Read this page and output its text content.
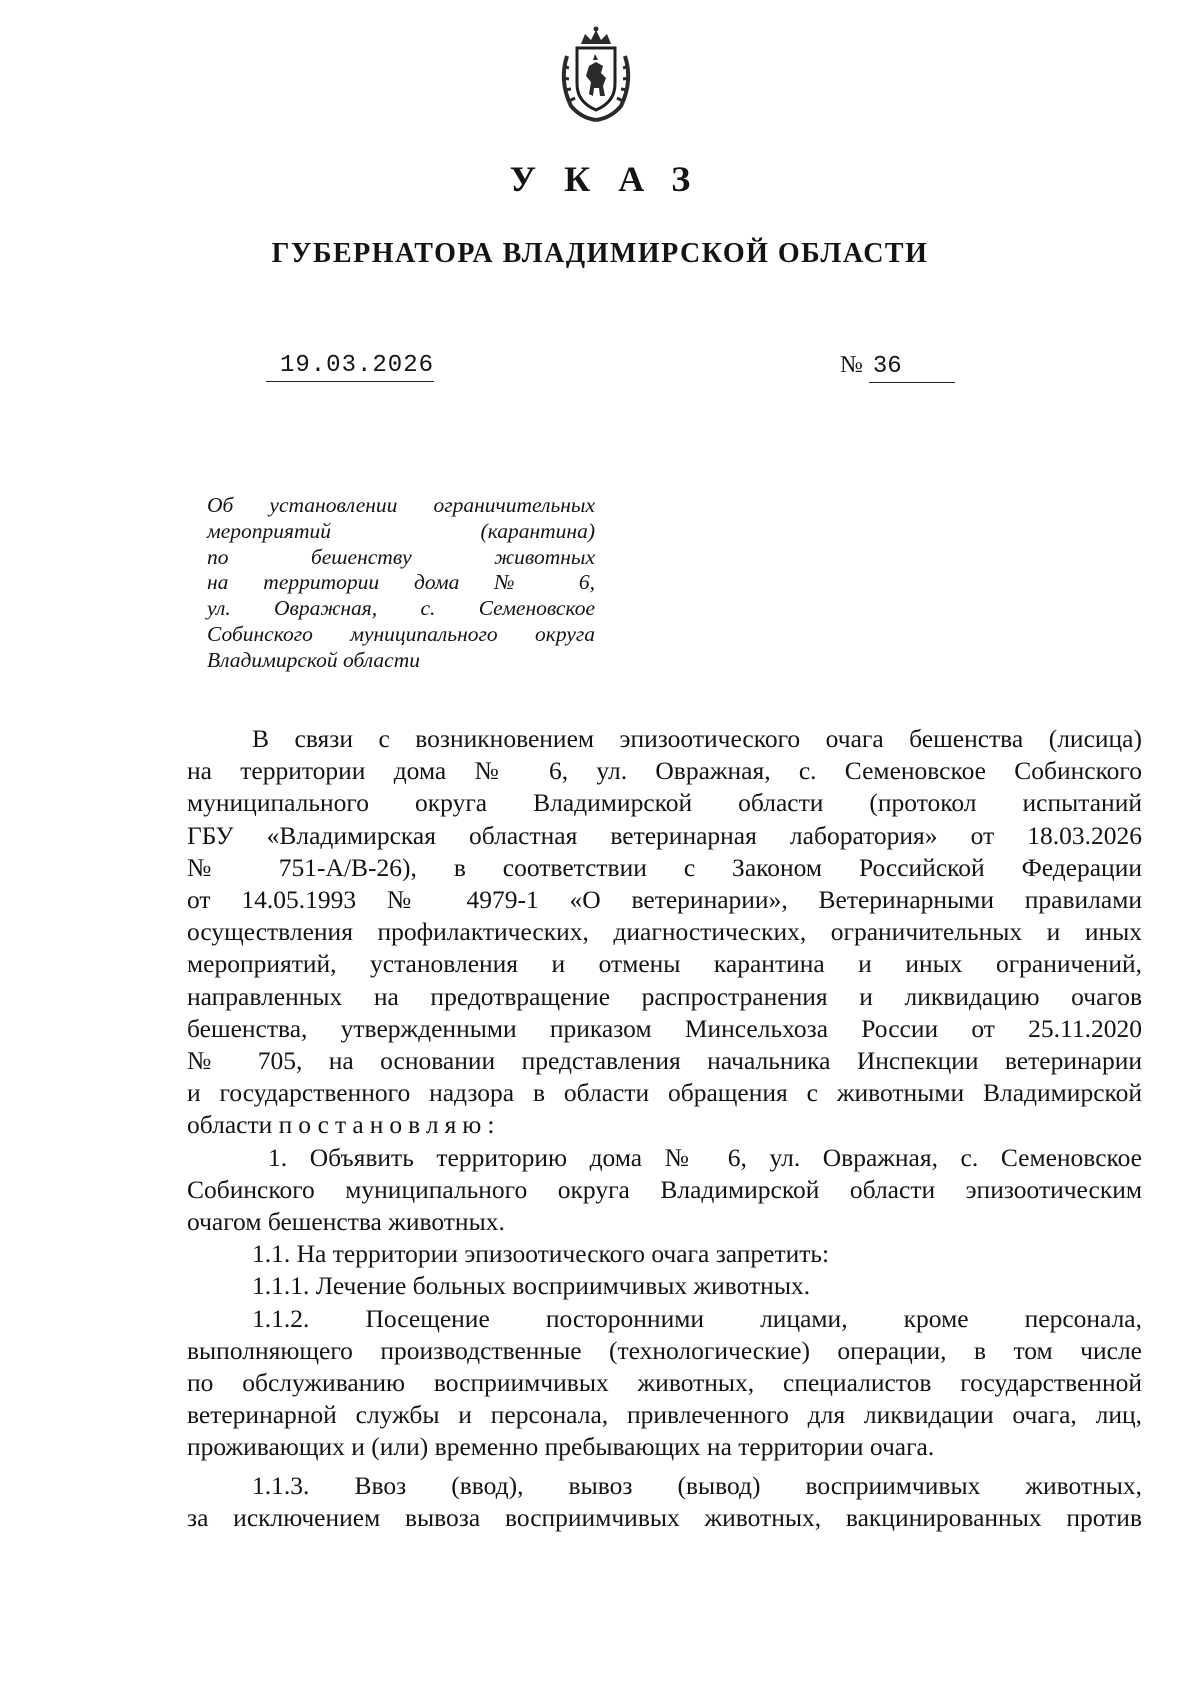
УКАЗ
ГУБЕРНАТОРА ВЛАДИМИРСКОЙ ОБЛАСТИ
19.03.2026	№ 36
Об установлении ограничительных
мероприятий (карантина)
по бешенству животных
на территории дома № 6,
ул. Овражная, с. Семеновское
Собинского муниципального округа
Владимирской области
В связи с возникновением эпизоотического очага бешенства (лисица)
на территории дома № 6, ул. Овражная, с. Семеновское Собинского
муниципального округа Владимирской области (протокол испытаний
ГБУ «Владимирская областная ветеринарная лаборатория» от 18.03.2026
№ 751-А/В-26), в соответствии с Законом Российской Федерации
от 14.05.1993 № 4979-1 «О ветеринарии», Ветеринарными правилами
осуществления профилактических, диагностических, ограничительных и иных
мероприятий, установления и отмены карантина и иных ограничений,
направленных на предотвращение распространения и ликвидацию очагов
бешенства, утвержденными приказом Минсельхоза России от 25.11.2020
№ 705, на основании представления начальника Инспекции ветеринарии
и государственного надзора в области обращения с животными Владимирской
области постановляю:
1. Объявить территорию дома № 6, ул. Овражная, с. Семеновское
Собинского муниципального округа Владимирской области эпизоотическим
очагом бешенства животных.
1.1. На территории эпизоотического очага запретить:
1.1.1. Лечение больных восприимчивых животных.
1.1.2. Посещение посторонними лицами, кроме персонала,
выполняющего производственные (технологические) операции, в том числе
по обслуживанию восприимчивых животных, специалистов государственной
ветеринарной службы и персонала, привлеченного для ликвидации очага, лиц,
проживающих и (или) временно пребывающих на территории очага.
1.1.3. Ввоз (ввод), вывоз (вывод) восприимчивых животных,
за исключением вывоза восприимчивых животных, вакцинированных против
